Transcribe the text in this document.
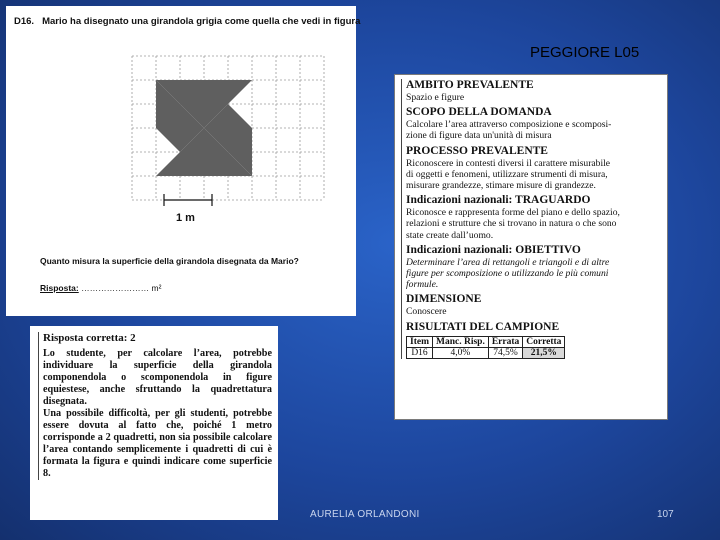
D16. Mario ha disegnato una girandola grigia come quella che vedi in figura
1 m
Quanto misura la superficie della girandola disegnata da Mario?
Risposta: …………………… m²
PEGGIORE L05
AMBITO PREVALENTE
Spazio e figure
SCOPO DELLA DOMANDA
Calcolare l’area attraverso composizione e scomposi-
zione di figure data un'unità di misura
PROCESSO PREVALENTE
Riconoscere in contesti diversi il carattere misurabile
di oggetti e fenomeni, utilizzare strumenti di misura,
misurare grandezze, stimare misure di grandezze.
Indicazioni nazionali: TRAGUARDO
Riconosce e rappresenta forme del piano e dello spazio,
relazioni e strutture che si trovano in natura o che sono
state create dall’uomo.
Indicazioni nazionali: OBIETTIVO
Determinare l’area di rettangoli e triangoli e di altre
figure per scomposizione o utilizzando le più comuni
formule.
DIMENSIONE
Conoscere
RISULTATI DEL CAMPIONE
Item	Manc. Risp.	Errata	Corretta
D16	4,0%	74,5%	21,5%
Risposta corretta: 2
Lo studente, per calcolare l’area, potrebbe individuare la superficie della girandola componendola o scomponendola in figure equiestese, anche sfruttando la quadrettatura disegnata.
Una possibile difficoltà, per gli studenti, potrebbe essere dovuta al fatto che, poiché 1 metro corrisponde a 2 quadretti, non sia possibile calcolare l’area contando semplicemente i quadretti di cui è formata la figura e quindi indicare come superficie 8.
AURELIA ORLANDONI	107
